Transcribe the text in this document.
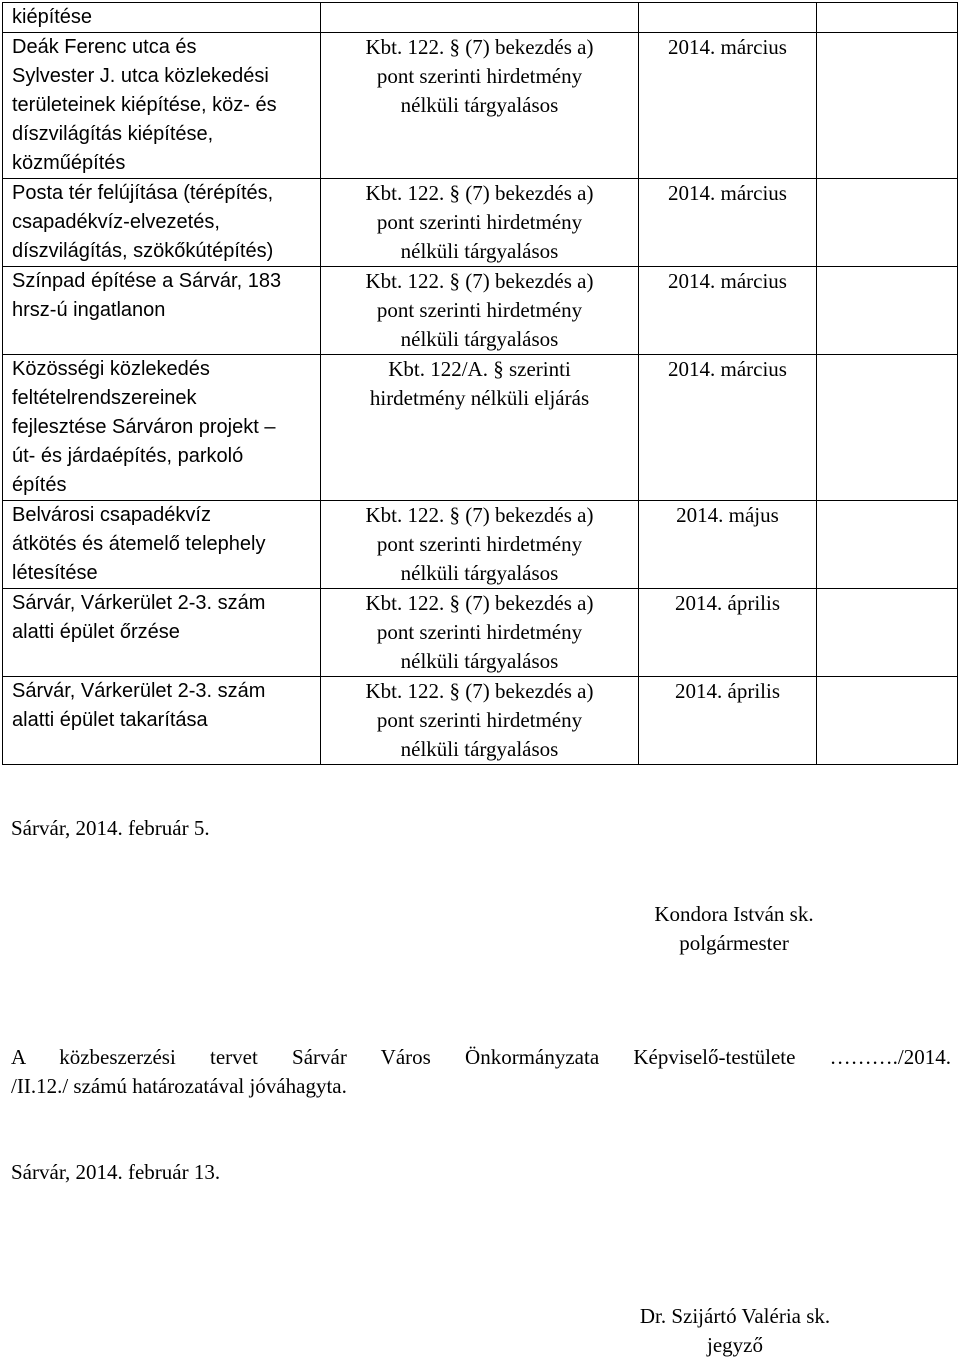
kiépítése			
Deák Ferenc utca és
Sylvester J. utca közlekedési
területeinek kiépítése, köz- és
díszvilágítás kiépítése,
közműépítés	Kbt. 122. § (7) bekezdés a)
pont szerinti hirdetmény
nélküli tárgyalásos	2014. március	
Posta tér felújítása (térépítés,
csapadékvíz-elvezetés,
díszvilágítás, szökőkútépítés)	Kbt. 122. § (7) bekezdés a)
pont szerinti hirdetmény
nélküli tárgyalásos	2014. március	
Színpad építése a Sárvár, 183
hrsz-ú ingatlanon	Kbt. 122. § (7) bekezdés a)
pont szerinti hirdetmény
nélküli tárgyalásos	2014. március	
Közösségi közlekedés
feltételrendszereinek
fejlesztése Sárváron projekt –
út- és járdaépítés, parkoló
építés	Kbt. 122/A. § szerinti
hirdetmény nélküli eljárás	2014. március	
Belvárosi csapadékvíz
átkötés és átemelő telephely
létesítése	Kbt. 122. § (7) bekezdés a)
pont szerinti hirdetmény
nélküli tárgyalásos	2014. május	
Sárvár, Várkerület 2-3. szám
alatti épület őrzése	Kbt. 122. § (7) bekezdés a)
pont szerinti hirdetmény
nélküli tárgyalásos	2014. április	
Sárvár, Várkerület 2-3. szám
alatti épület takarítása	Kbt. 122. § (7) bekezdés a)
pont szerinti hirdetmény
nélküli tárgyalásos	2014. április	
Sárvár, 2014. február 5.
Kondora István sk.
polgármester
A közbeszerzési tervet Sárvár Város Önkormányzata Képviselő-testülete ………./2014.
/II.12./ számú határozatával jóváhagyta.
Sárvár, 2014. február 13.
Dr. Szijártó Valéria sk.
jegyző
